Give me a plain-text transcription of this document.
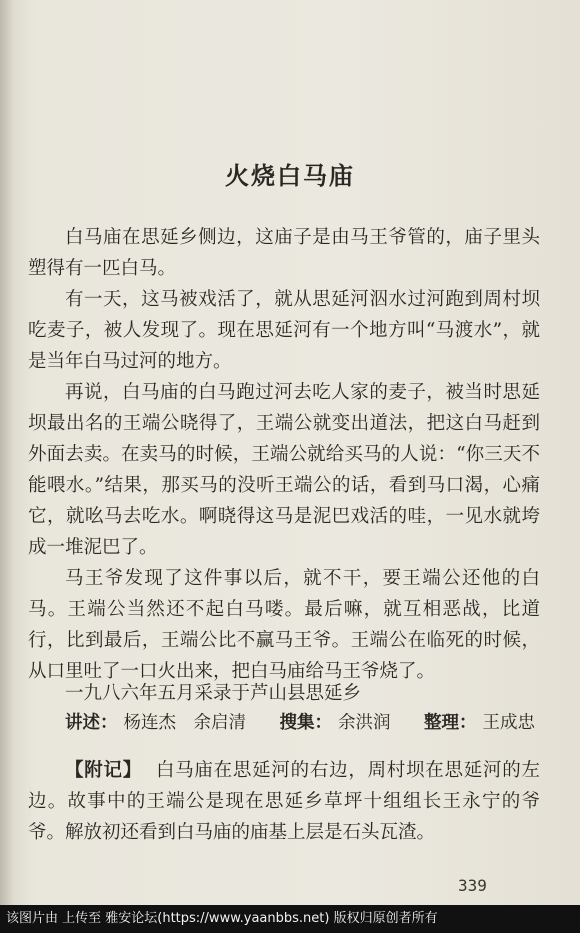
火烧白马庙

白马庙在思延乡侧边，这庙子是由马王爷管的，庙子里头塑得有一匹白马。

有一天，这马被戏活了，就从思延河泅水过河跑到周村坝吃麦子，被人发现了。现在思延河有一个地方叫“马渡水”，就是当年白马过河的地方。

再说，白马庙的白马跑过河去吃人家的麦子，被当时思延坝最出名的王端公晓得了，王端公就变出道法，把这白马赶到外面去卖。在卖马的时候，王端公就给买马的人说：“你三天不能喂水。”结果，那买马的没听王端公的话，看到马口渴，心痛它，就吆马去吃水。啊晓得这马是泥巴戏活的哇，一见水就垮成一堆泥巴了。

马王爷发现了这件事以后，就不干，要王端公还他的白马。王端公当然还不起白马喽。最后嘛，就互相恶战，比道行，比到最后，王端公比不赢马王爷。王端公在临死的时候，从口里吐了一口火出来，把白马庙给马王爷烧了。

一九八六年五月采录于芦山县思延乡
讲述： 杨连杰　余启清 搜集： 余洪润 整理： 王成忠

【附记】 白马庙在思延河的右边，周村坝在思延河的左边。故事中的王端公是现在思延乡草坪十组组长王永宁的爷爷。解放初还看到白马庙的庙基上层是石头瓦渣。

339
该图片由 上传至 雅安论坛(https://www.yaanbbs.net) 版权归原创者所有
